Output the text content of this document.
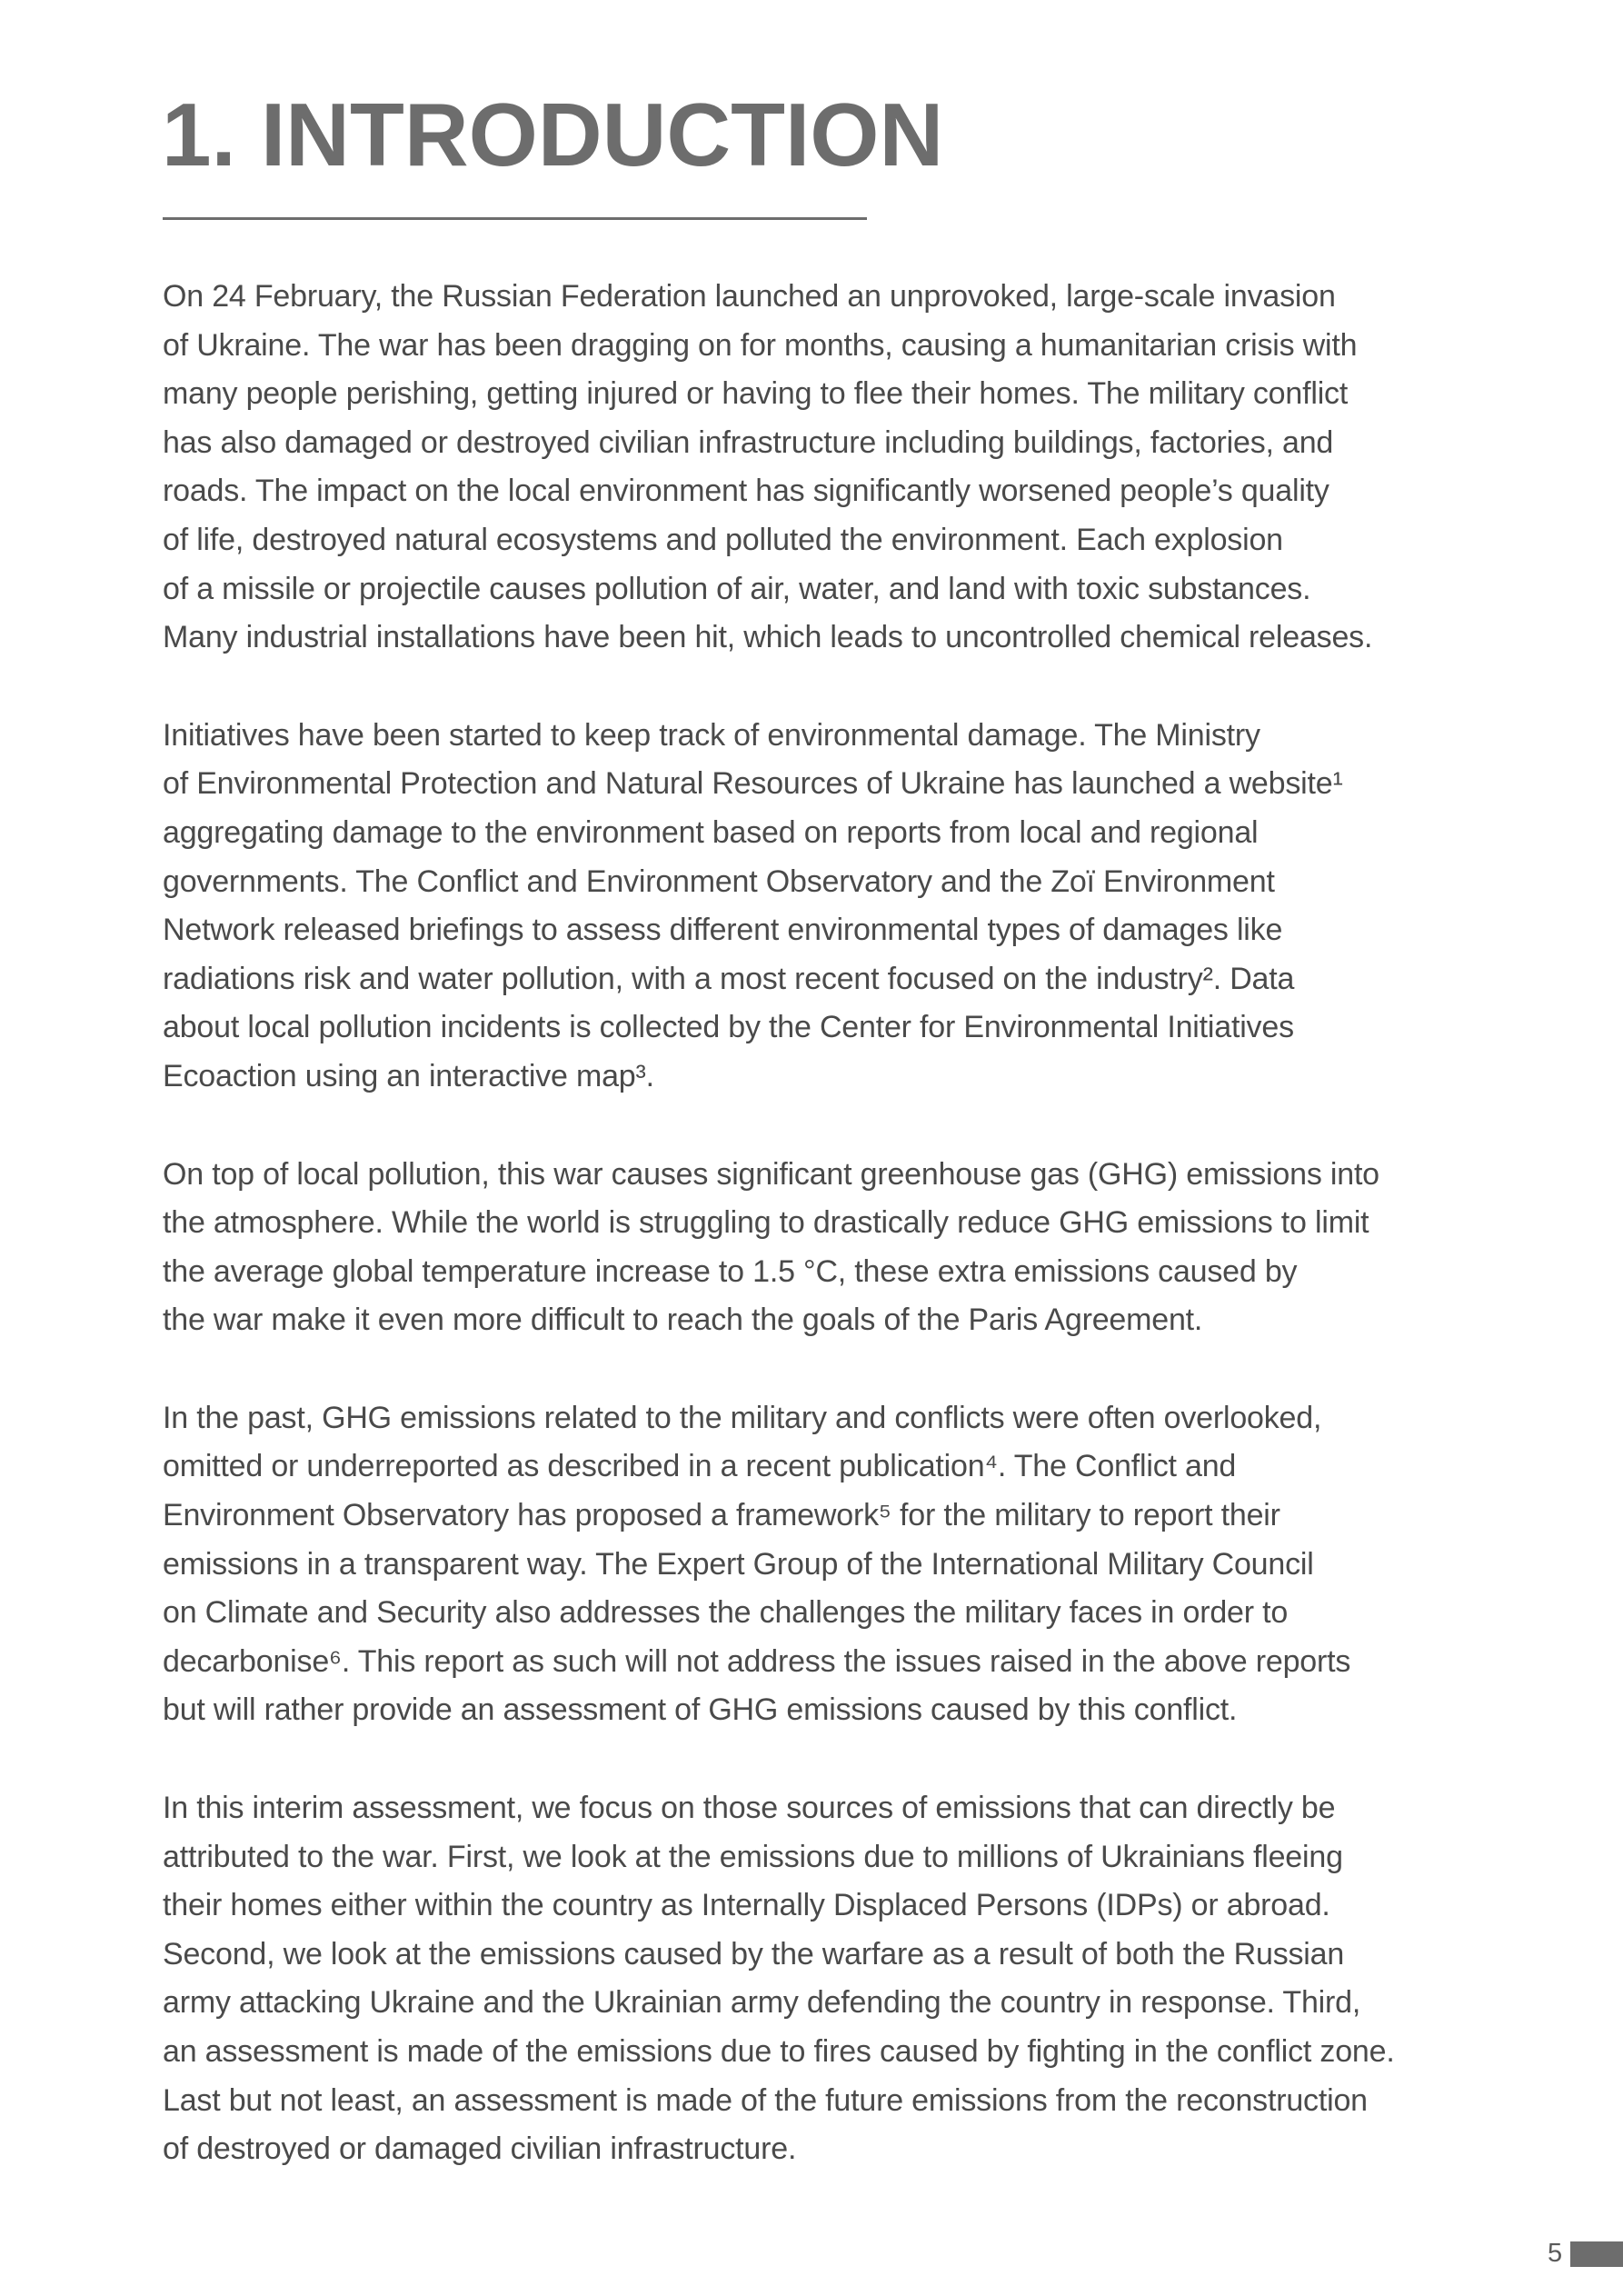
1. INTRODUCTION

On 24 February, the Russian Federation launched an unprovoked, large-scale invasion
of Ukraine. The war has been dragging on for months, causing a humanitarian crisis with
many people perishing, getting injured or having to flee their homes. The military conflict
has also damaged or destroyed civilian infrastructure including buildings, factories, and
roads. The impact on the local environment has significantly worsened people’s quality
of life, destroyed natural ecosystems and polluted the environment. Each explosion
of a missile or projectile causes pollution of air, water, and land with toxic substances.
Many industrial installations have been hit, which leads to uncontrolled chemical releases.

Initiatives have been started to keep track of environmental damage. The Ministry
of Environmental Protection and Natural Resources of Ukraine has launched a website¹
aggregating damage to the environment based on reports from local and regional
governments. The Conflict and Environment Observatory and the Zoï Environment
Network released briefings to assess different environmental types of damages like
radiations risk and water pollution, with a most recent focused on the industry². Data
about local pollution incidents is collected by the Center for Environmental Initiatives
Ecoaction using an interactive map³.

On top of local pollution, this war causes significant greenhouse gas (GHG) emissions into
the atmosphere. While the world is struggling to drastically reduce GHG emissions to limit
the average global temperature increase to 1.5 °C, these extra emissions caused by
the war make it even more difficult to reach the goals of the Paris Agreement.

In the past, GHG emissions related to the military and conflicts were often overlooked,
omitted or underreported as described in a recent publication⁴. The Conflict and
Environment Observatory has proposed a framework⁵ for the military to report their
emissions in a transparent way. The Expert Group of the International Military Council
on Climate and Security also addresses the challenges the military faces in order to
decarbonise⁶. This report as such will not address the issues raised in the above reports
but will rather provide an assessment of GHG emissions caused by this conflict.

In this interim assessment, we focus on those sources of emissions that can directly be
attributed to the war. First, we look at the emissions due to millions of Ukrainians fleeing
their homes either within the country as Internally Displaced Persons (IDPs) or abroad.
Second, we look at the emissions caused by the warfare as a result of both the Russian
army attacking Ukraine and the Ukrainian army defending the country in response. Third,
an assessment is made of the emissions due to fires caused by fighting in the conflict zone.
Last but not least, an assessment is made of the future emissions from the reconstruction
of destroyed or damaged civilian infrastructure.

5
